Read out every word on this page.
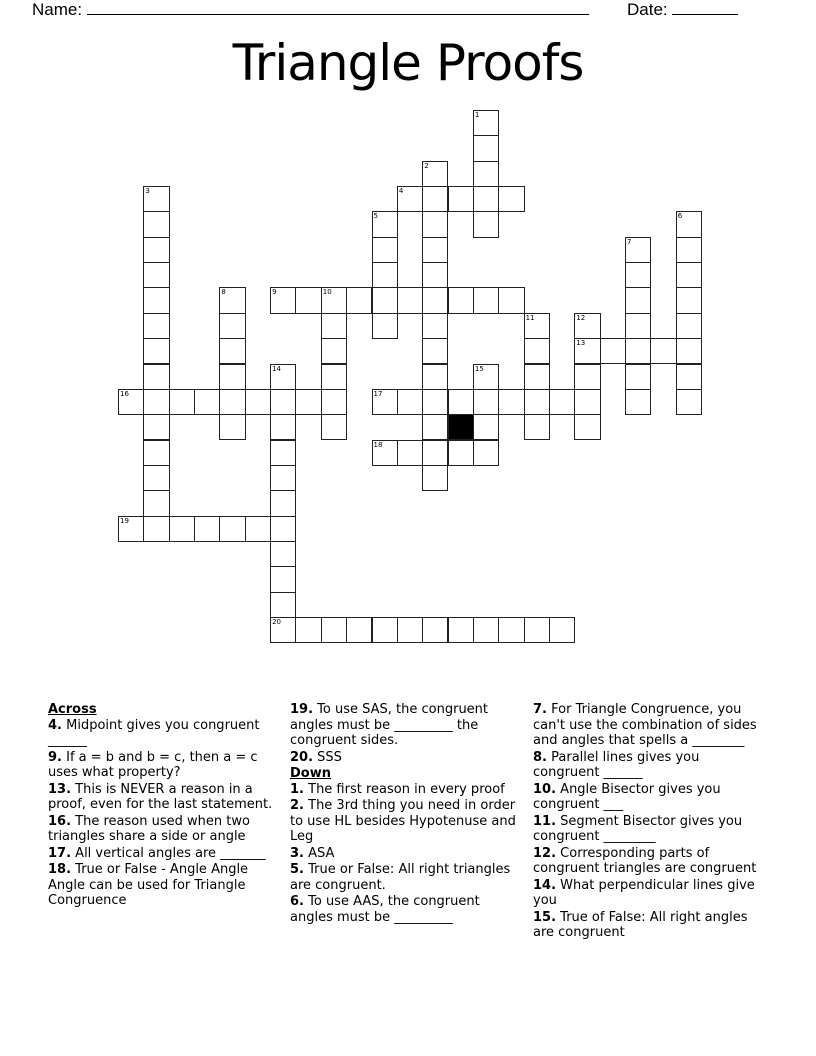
Name:	Date:
Triangle Proofs
1
2
3	4
5	6
7
8	9	10
11	12
13
14
20
15
16	17
18
19
Across
4. Midpoint gives you congruent ______
9. If a = b and b = c, then a = c uses what property?
13. This is NEVER a reason in a proof, even for the last statement.
16. The reason used when two triangles share a side or angle
17. All vertical angles are _______
18. True or False - Angle Angle Angle can be used for Triangle Congruence
19. To use SAS, the congruent angles must be _________ the congruent sides.
20. SSS
Down
1. The first reason in every proof
2. The 3rd thing you need in order to use HL besides Hypotenuse and Leg
3. ASA
5. True or False: All right triangles are congruent.
6. To use AAS, the congruent angles must be _________
7. For Triangle Congruence, you can't use the combination of sides and angles that spells a ________
8. Parallel lines gives you congruent ______
10. Angle Bisector gives you congruent ___
11. Segment Bisector gives you congruent ________
12. Corresponding parts of congruent triangles are congruent
14. What perpendicular lines give you
15. True of False: All right angles are congruent
